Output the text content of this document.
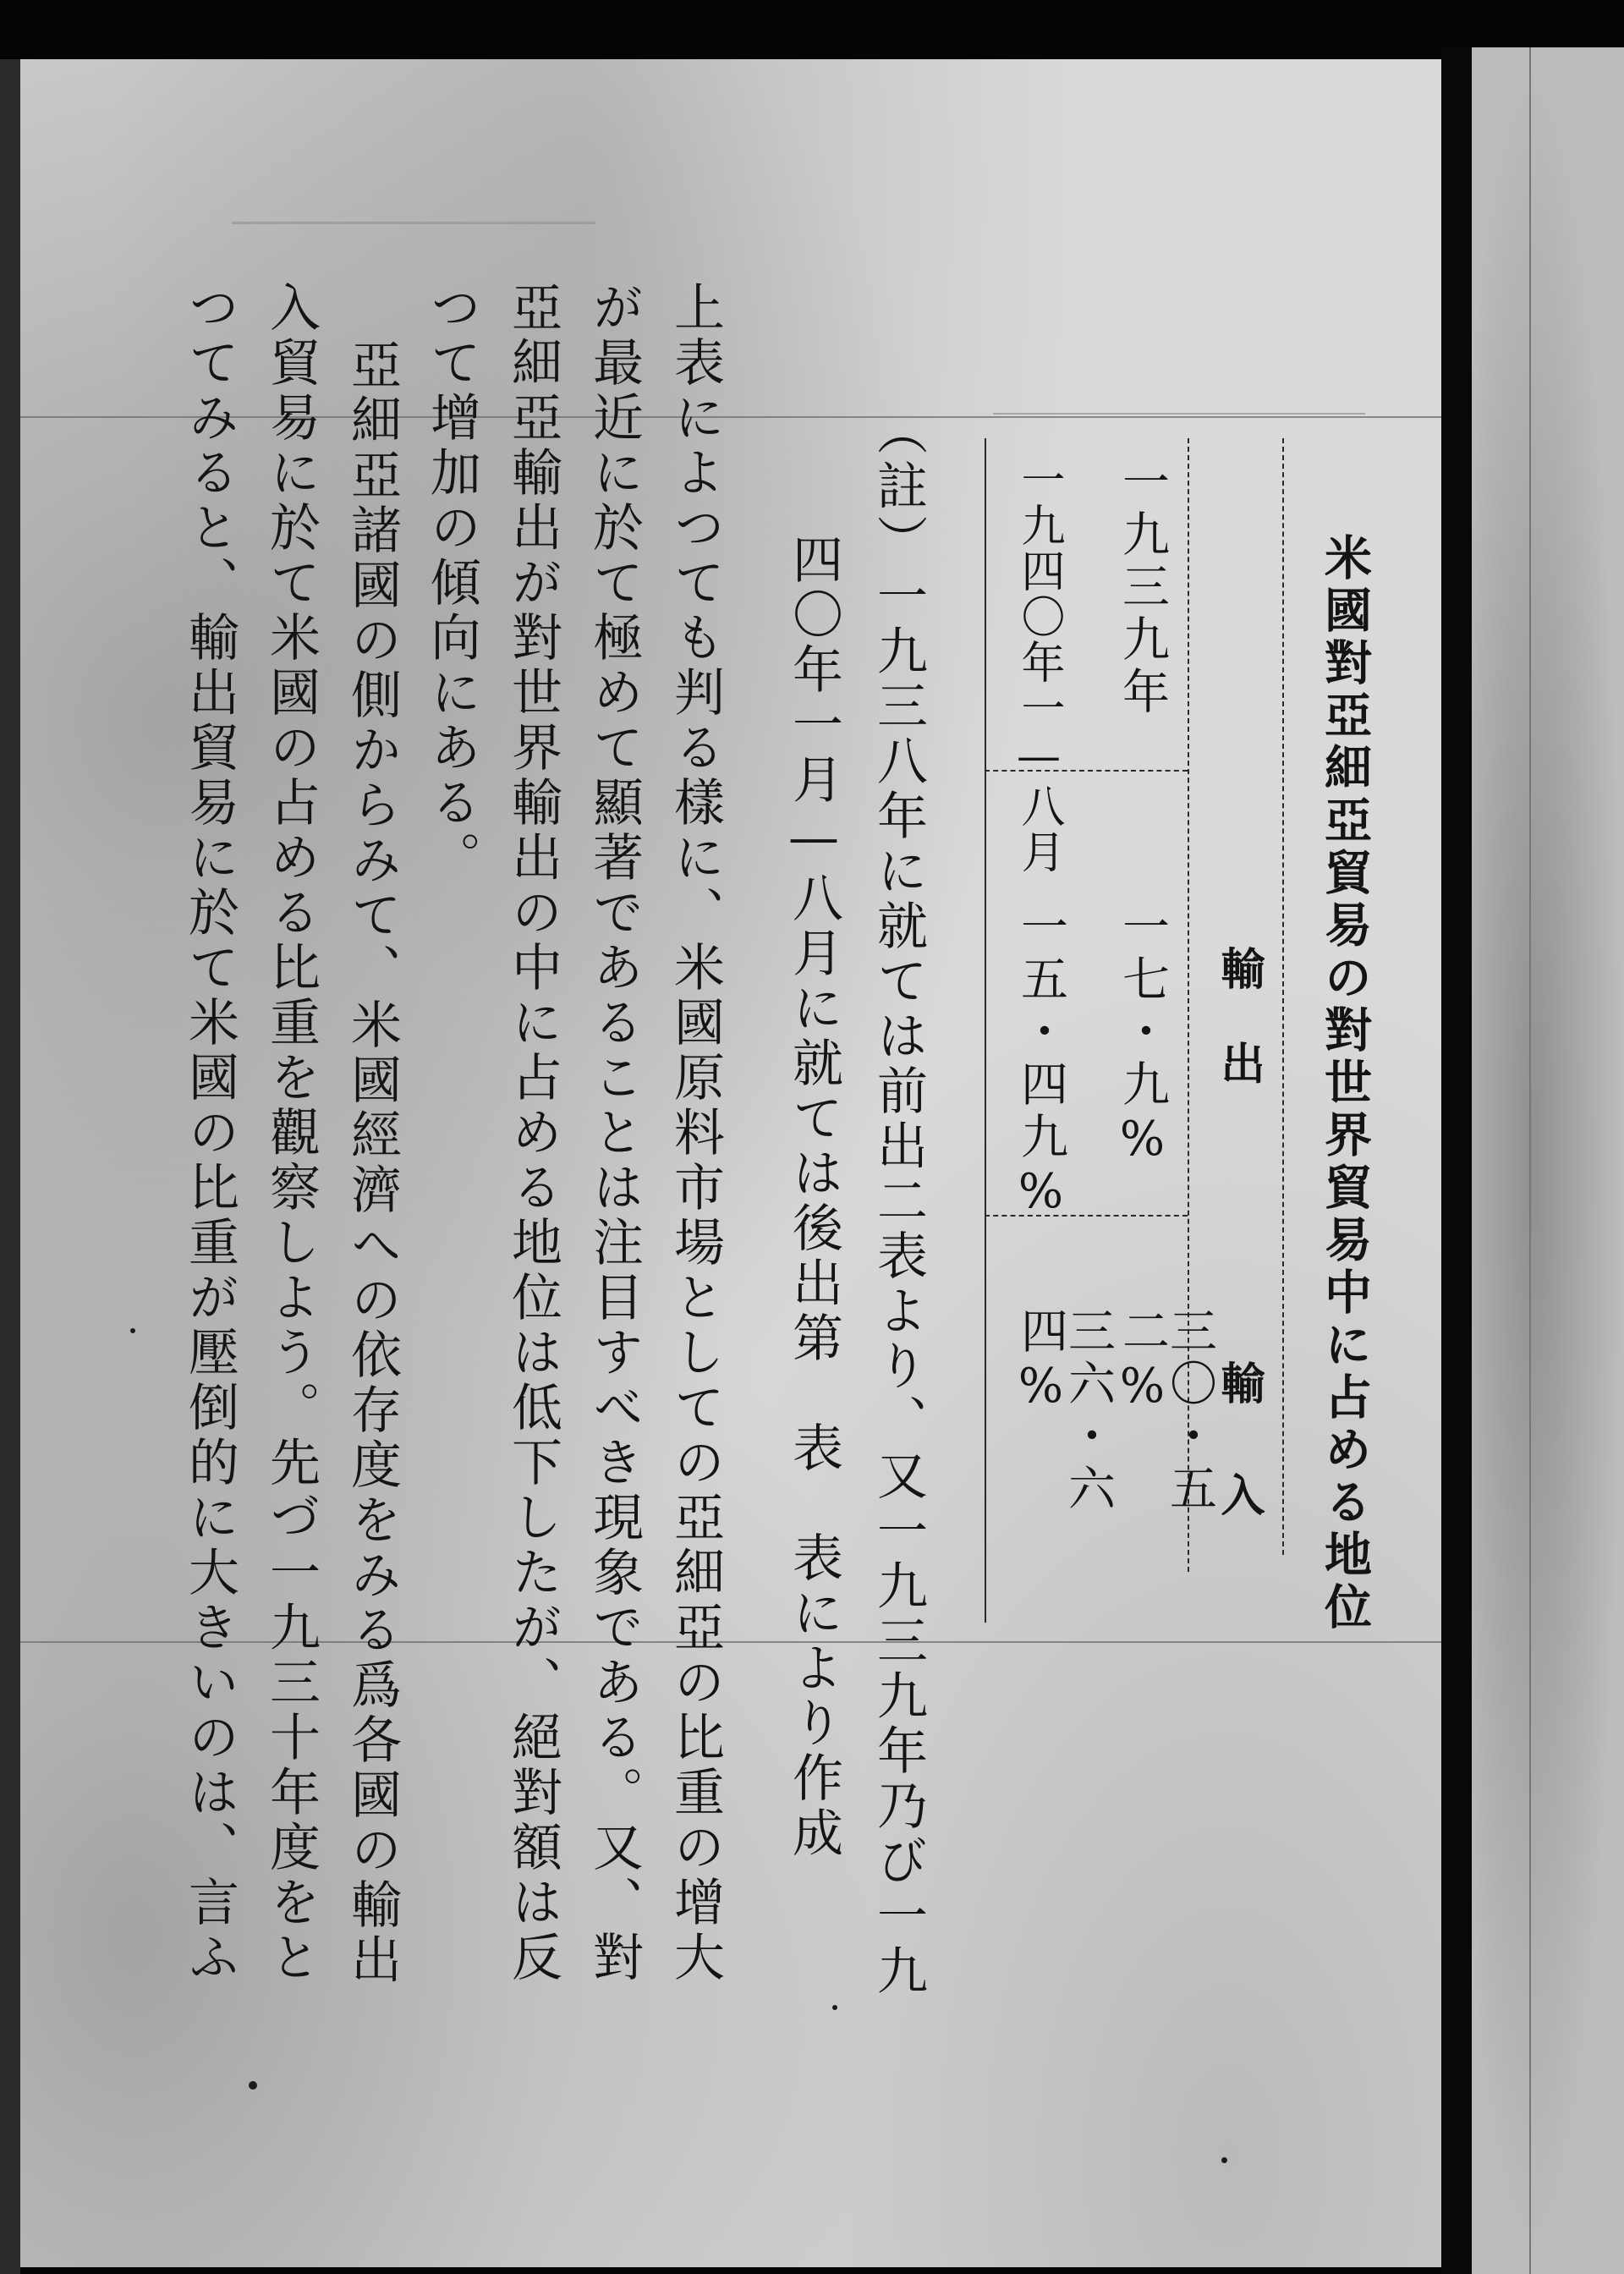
米國對亞細亞貿易の對世界貿易中に占める地位
輸出
輸入
一九三九年
一七・九%
三〇・五二%
一九四〇年一—八月
一五・四九%
三六・六四%
（註）一九三八年に就ては前出二表より、又一九三九年乃び一九
四〇年一月—八月に就ては後出第　表　表により作成
上表によつても判る樣に、米國原料市場としての亞細亞の比重の增大
が最近に於て極めて顯著であることは注目すべき現象である。又、對
亞細亞輸出が對世界輸出の中に占める地位は低下したが、絕對額は反
つて增加の傾向にある。
亞細亞諸國の側からみて、米國經濟への依存度をみる爲各國の輸出
入貿易に於て米國の占める比重を觀察しよう。先づ一九三十年度をと
つてみると、輸出貿易に於て米國の比重が壓倒的に大きいのは、言ふ
